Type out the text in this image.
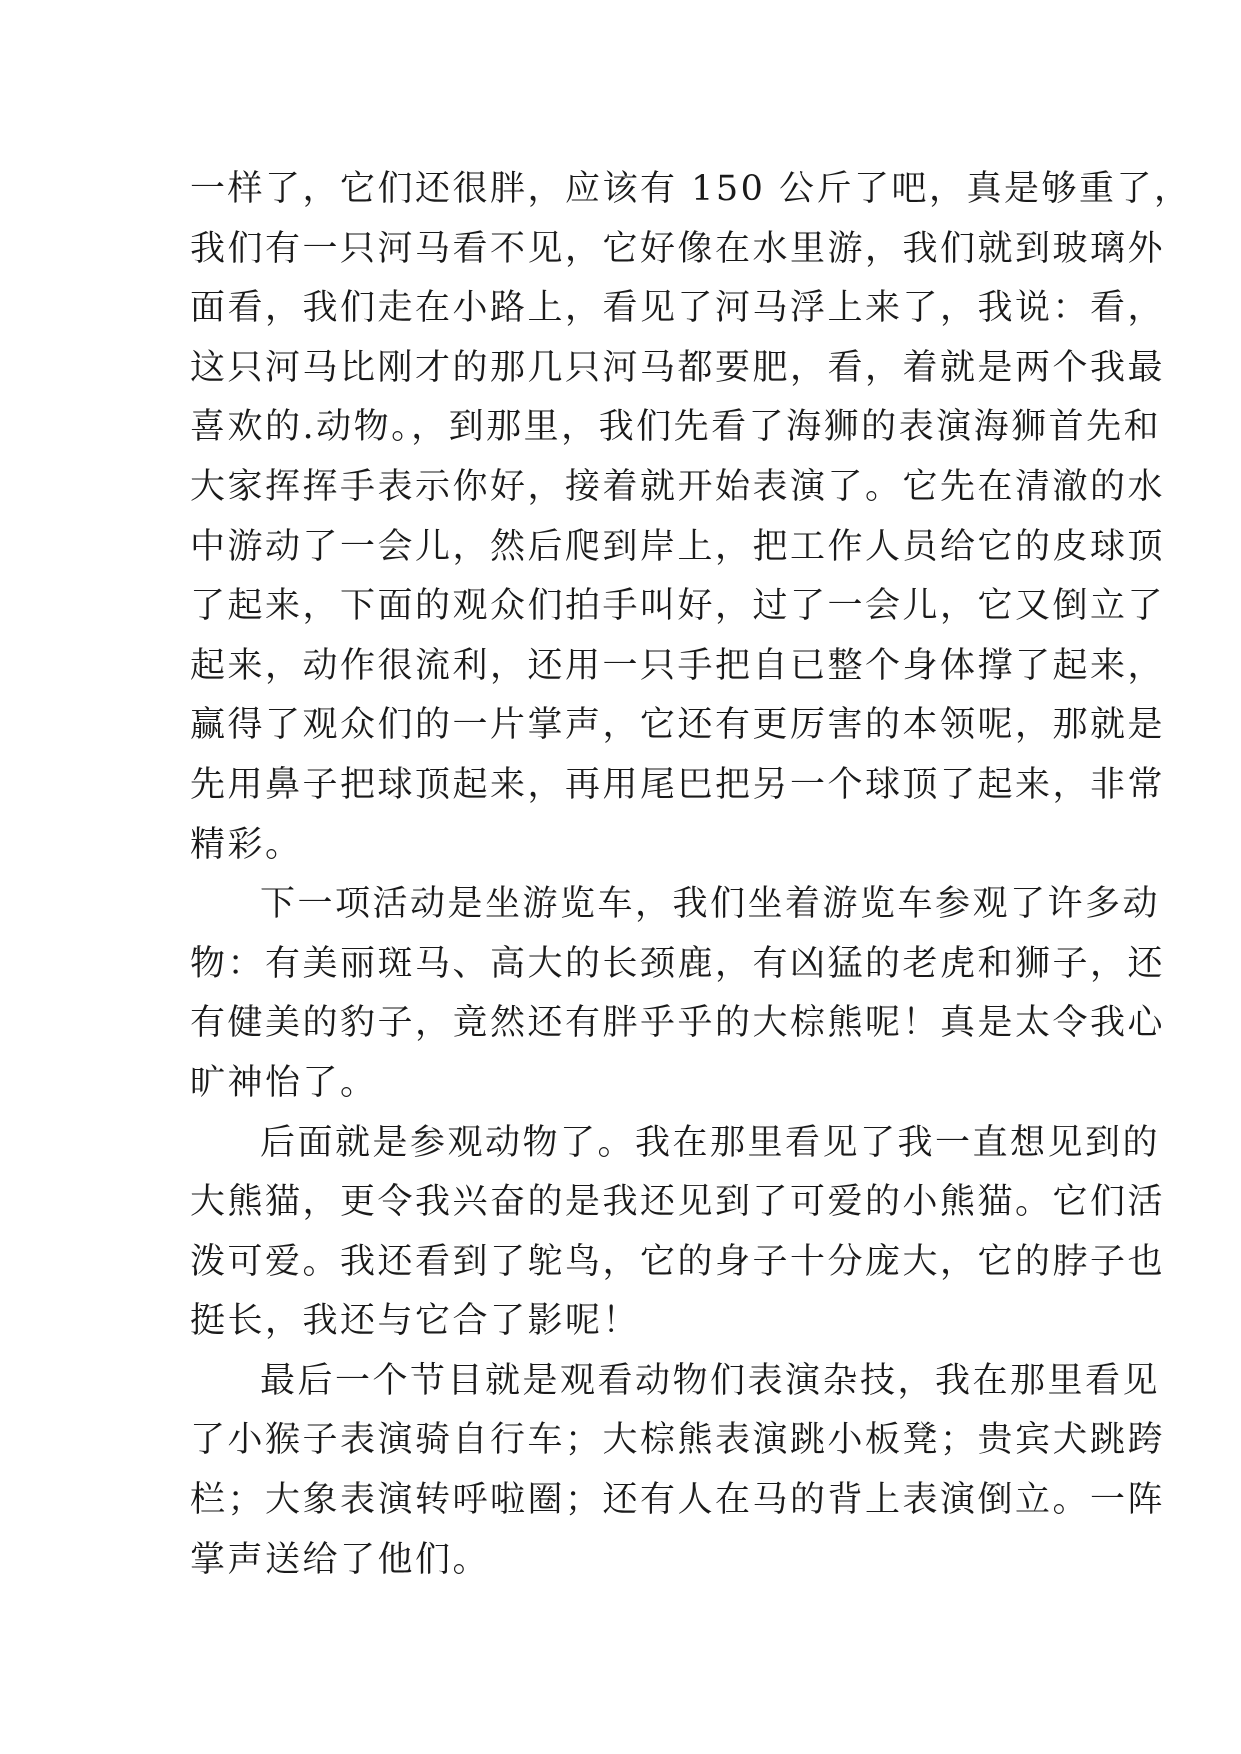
一样了，它们还很胖，应该有 150 公斤了吧，真是够重了，
我们有一只河马看不见，它好像在水里游，我们就到玻璃外
面看，我们走在小路上，看见了河马浮上来了，我说：看，
这只河马比刚才的那几只河马都要肥，看，着就是两个我最
喜欢的.动物。，到那里，我们先看了海狮的表演海狮首先和
大家挥挥手表示你好，接着就开始表演了。它先在清澈的水
中游动了一会儿，然后爬到岸上，把工作人员给它的皮球顶
了起来，下面的观众们拍手叫好，过了一会儿，它又倒立了
起来，动作很流利，还用一只手把自已整个身体撑了起来，
赢得了观众们的一片掌声，它还有更厉害的本领呢，那就是
先用鼻子把球顶起来，再用尾巴把另一个球顶了起来，非常
精彩。
下一项活动是坐游览车，我们坐着游览车参观了许多动
物：有美丽斑马、高大的长颈鹿，有凶猛的老虎和狮子，还
有健美的豹子，竟然还有胖乎乎的大棕熊呢！真是太令我心
旷神怡了。
后面就是参观动物了。我在那里看见了我一直想见到的
大熊猫，更令我兴奋的是我还见到了可爱的小熊猫。它们活
泼可爱。我还看到了鸵鸟，它的身子十分庞大，它的脖子也
挺长，我还与它合了影呢！
最后一个节目就是观看动物们表演杂技，我在那里看见
了小猴子表演骑自行车；大棕熊表演跳小板凳；贵宾犬跳跨
栏；大象表演转呼啦圈；还有人在马的背上表演倒立。一阵
掌声送给了他们。
